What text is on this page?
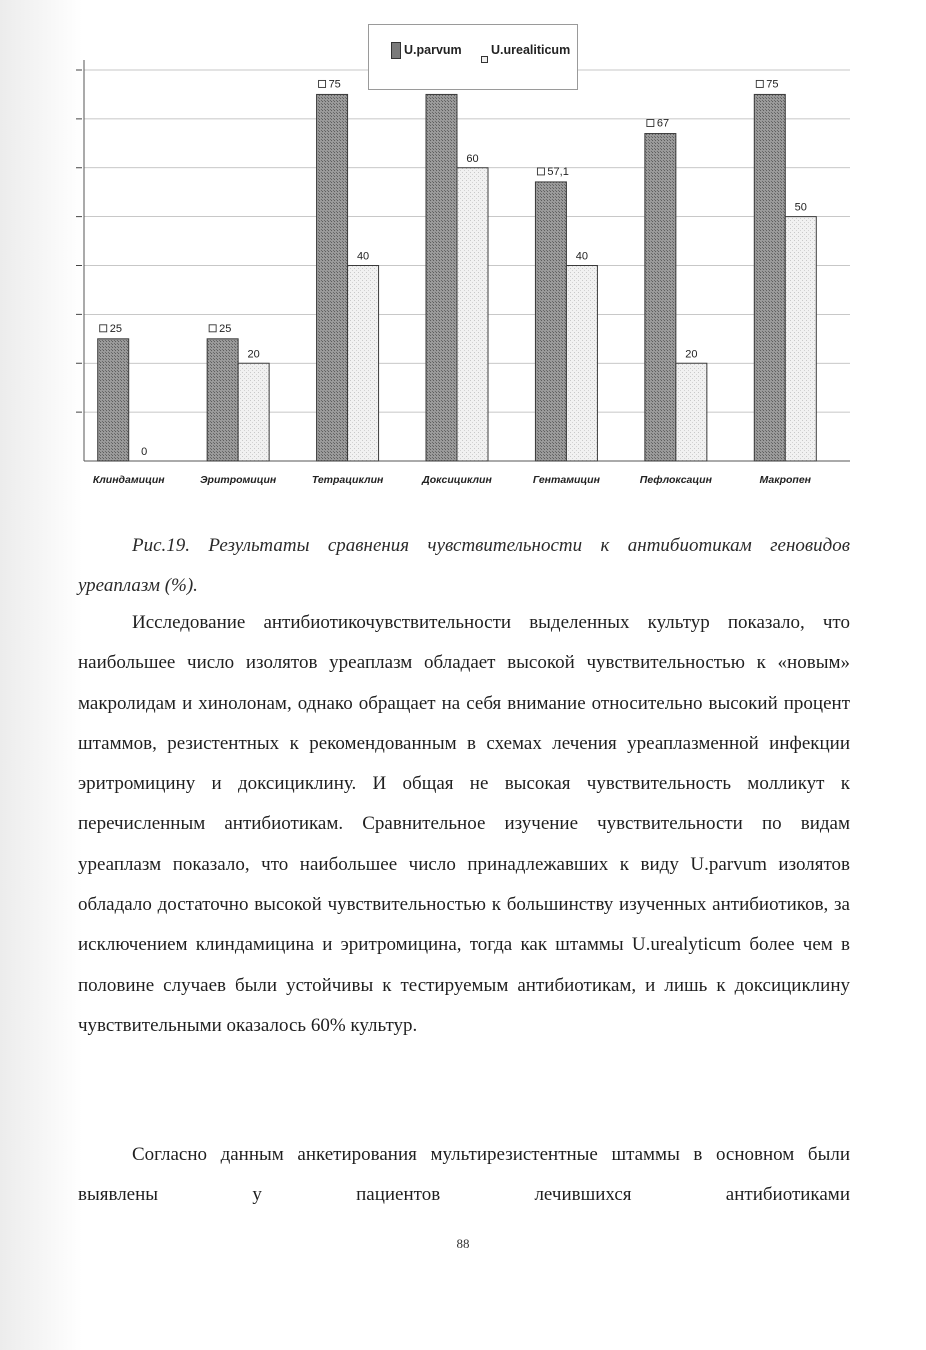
25
0
Клиндамицин
25
20
Эритромицин
75
40
Тетрациклин
60
Доксициклин
57,1
40
Гентамицин
67
20
Пефлоксацин
75
50
Макропен
U.parvum U.urealiticum
Рис.19. Результаты сравнения чувствительности к антибиотикам геновидов уреаплазм (%).
Исследование антибиотикочувствительности выделенных культур показало, что наибольшее число изолятов уреаплазм обладает высокой чувствительностью к «новым» макролидам и хинолонам, однако обращает на себя внимание относительно высокий процент штаммов, резистентных к рекомендованным в схемах лечения уреаплазменной инфекции эритромицину и доксициклину. И общая не высокая чувствительность молликут к перечисленным антибиотикам. Сравнительное изучение чувствительности по видам уреаплазм показало, что наибольшее число принадлежавших к виду U.parvum изолятов обладало достаточно высокой чувствительностью к большинству изученных антибиотиков, за исключением клиндамицина и эритромицина, тогда как штаммы U.urealyticum более чем в половине случаев были устойчивы к тестируемым антибиотикам, и лишь к доксициклину чувствительными оказалось 60% культур.
Согласно данным анкетирования мультирезистентные штаммы в основном были выявлены у пациентов лечившихся антибиотиками
88
